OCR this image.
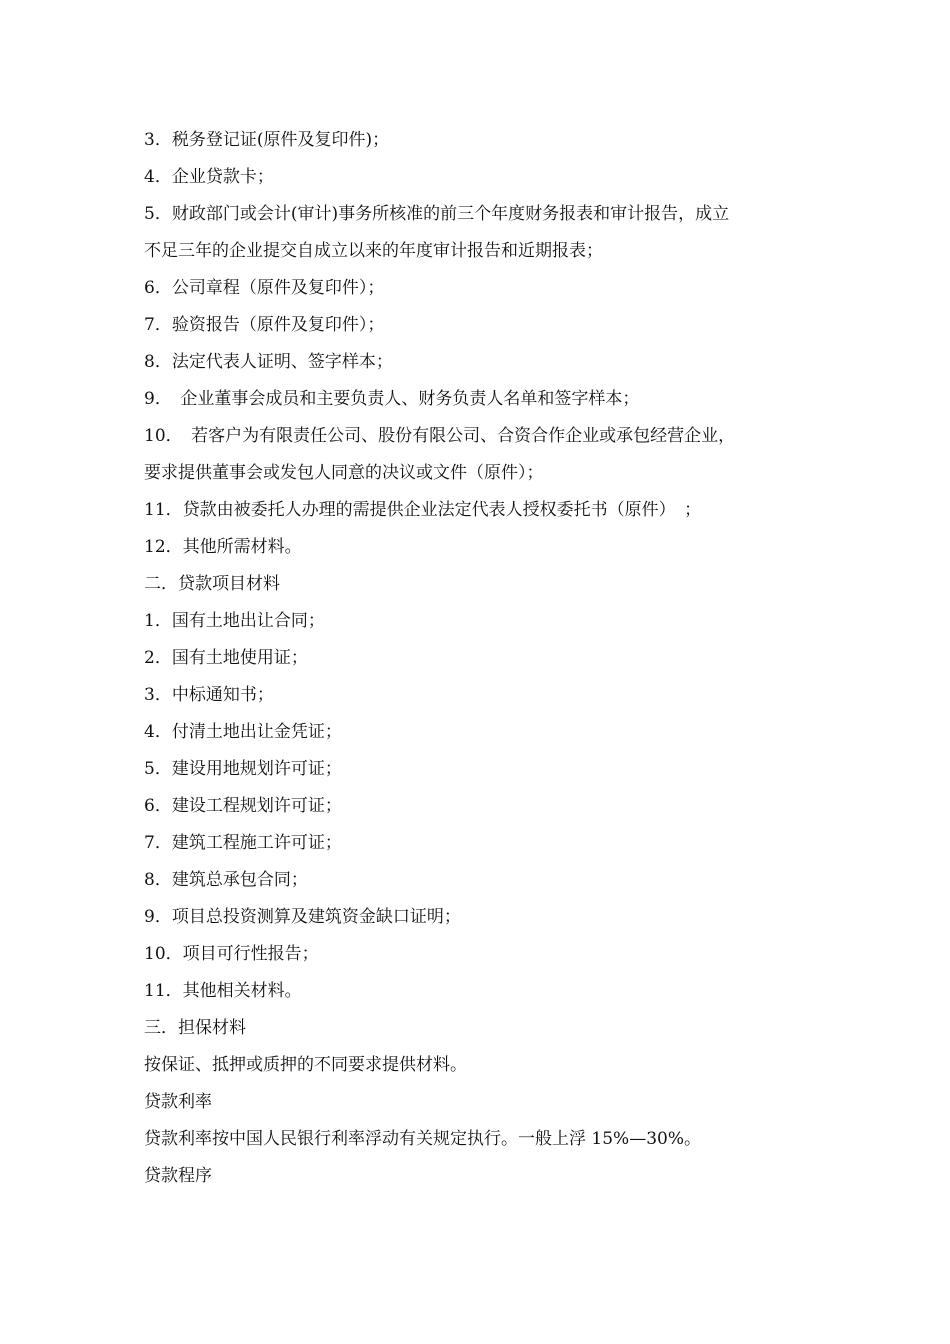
3．税务登记证(原件及复印件)；
4．企业贷款卡；
5．财政部门或会计(审计)事务所核准的前三个年度财务报表和审计报告，成立
不足三年的企业提交自成立以来的年度审计报告和近期报表；
6．公司章程（原件及复印件）；
7．验资报告（原件及复印件）；
8．法定代表人证明、签字样本；
9．　企业董事会成员和主要负责人、财务负责人名单和签字样本；
10．　若客户为有限责任公司、股份有限公司、合资合作企业或承包经营企业，
要求提供董事会或发包人同意的决议或文件（原件）；
11．贷款由被委托人办理的需提供企业法定代表人授权委托书（原件）　；
12．其他所需材料。
二．贷款项目材料
1．国有土地出让合同；
2．国有土地使用证；
3．中标通知书；
4．付清土地出让金凭证；
5．建设用地规划许可证；
6．建设工程规划许可证；
7．建筑工程施工许可证；
8．建筑总承包合同；
9．项目总投资测算及建筑资金缺口证明；
10．项目可行性报告；
11．其他相关材料。
三．担保材料
按保证、抵押或质押的不同要求提供材料。
贷款利率
贷款利率按中国人民银行利率浮动有关规定执行。一般上浮 15%—30%。
贷款程序
